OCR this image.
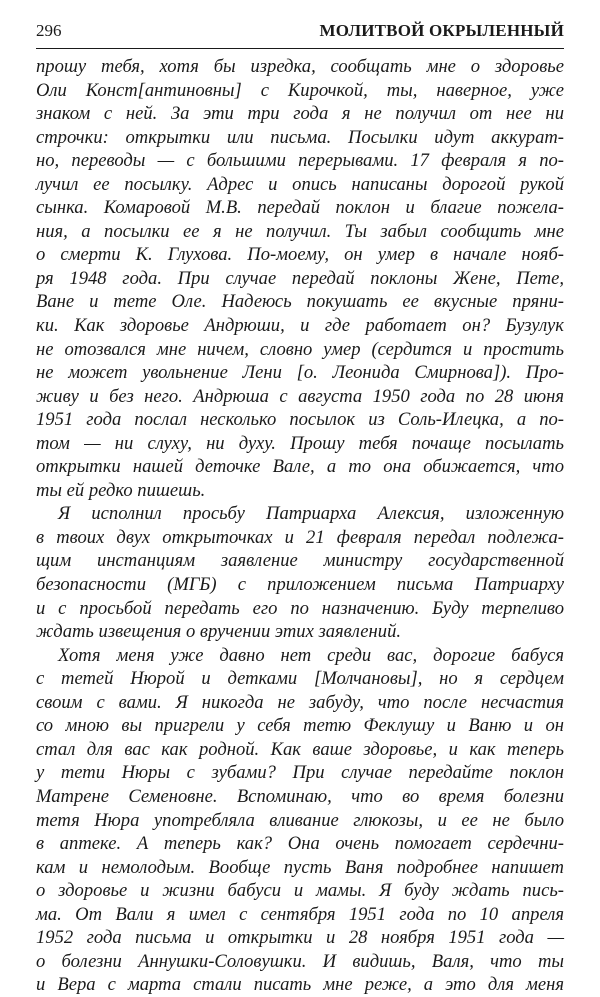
296	МОЛИТВОЙ ОКРЫЛЕННЫЙ
прошу тебя, хотя бы изредка, сообщать мне о здоровье
Оли Конст[антиновны] с Кирочкой, ты, наверное, уже
знаком с ней. За эти три года я не получил от нее ни
строчки: открытки или письма. Посылки идут аккурат-
но, переводы — с большими перерывами. 17 февраля я по-
лучил ее посылку. Адрес и опись написаны дорогой рукой
сынка. Комаровой М.В. передай поклон и благие пожела-
ния, а посылки ее я не получил. Ты забыл сообщить мне
о смерти К. Глухова. По-моему, он умер в начале нояб-
ря 1948 года. При случае передай поклоны Жене, Пете,
Ване и тете Оле. Надеюсь покушать ее вкусные пряни-
ки. Как здоровье Андрюши, и где работает он? Бузулук
не отозвался мне ничем, словно умер (сердится и простить
не может увольнение Лени [о. Леонида Смирнова]). Про-
живу и без него. Андрюша с августа 1950 года по 28 июня
1951 года послал несколько посылок из Соль-Илецка, а по-
том — ни слуху, ни духу. Прошу тебя почаще посылать
открытки нашей деточке Вале, а то она обижается, что
ты ей редко пишешь.
Я исполнил просьбу Патриарха Алексия, изложенную
в твоих двух открыточках и 21 февраля передал подлежа-
щим инстанциям заявление министру государственной
безопасности (МГБ) с приложением письма Патриарху
и с просьбой передать его по назначению. Буду терпеливо
ждать извещения о вручении этих заявлений.
Хотя меня уже давно нет среди вас, дорогие бабуся
с тетей Нюрой и детками [Молчановы], но я сердцем
своим с вами. Я никогда не забуду, что после несчастия
со мною вы пригрели у себя тетю Феклушу и Ваню и он
стал для вас как родной. Как ваше здоровье, и как теперь
у тети Нюры с зубами? При случае передайте поклон
Матрене Семеновне. Вспоминаю, что во время болезни
тетя Нюра употребляла вливание глюкозы, и ее не было
в аптеке. А теперь как? Она очень помогает сердечни-
кам и немолодым. Вообще пусть Ваня подробнее напишет
о здоровье и жизни бабуси и мамы. Я буду ждать пись-
ма. От Вали я имел с сентября 1951 года по 10 апреля
1952 года письма и открытки и 28 ноября 1951 года —
о болезни Аннушки-Соловушки. И видишь, Валя, что ты
и Вера с марта стали писать мне реже, а это для меня
